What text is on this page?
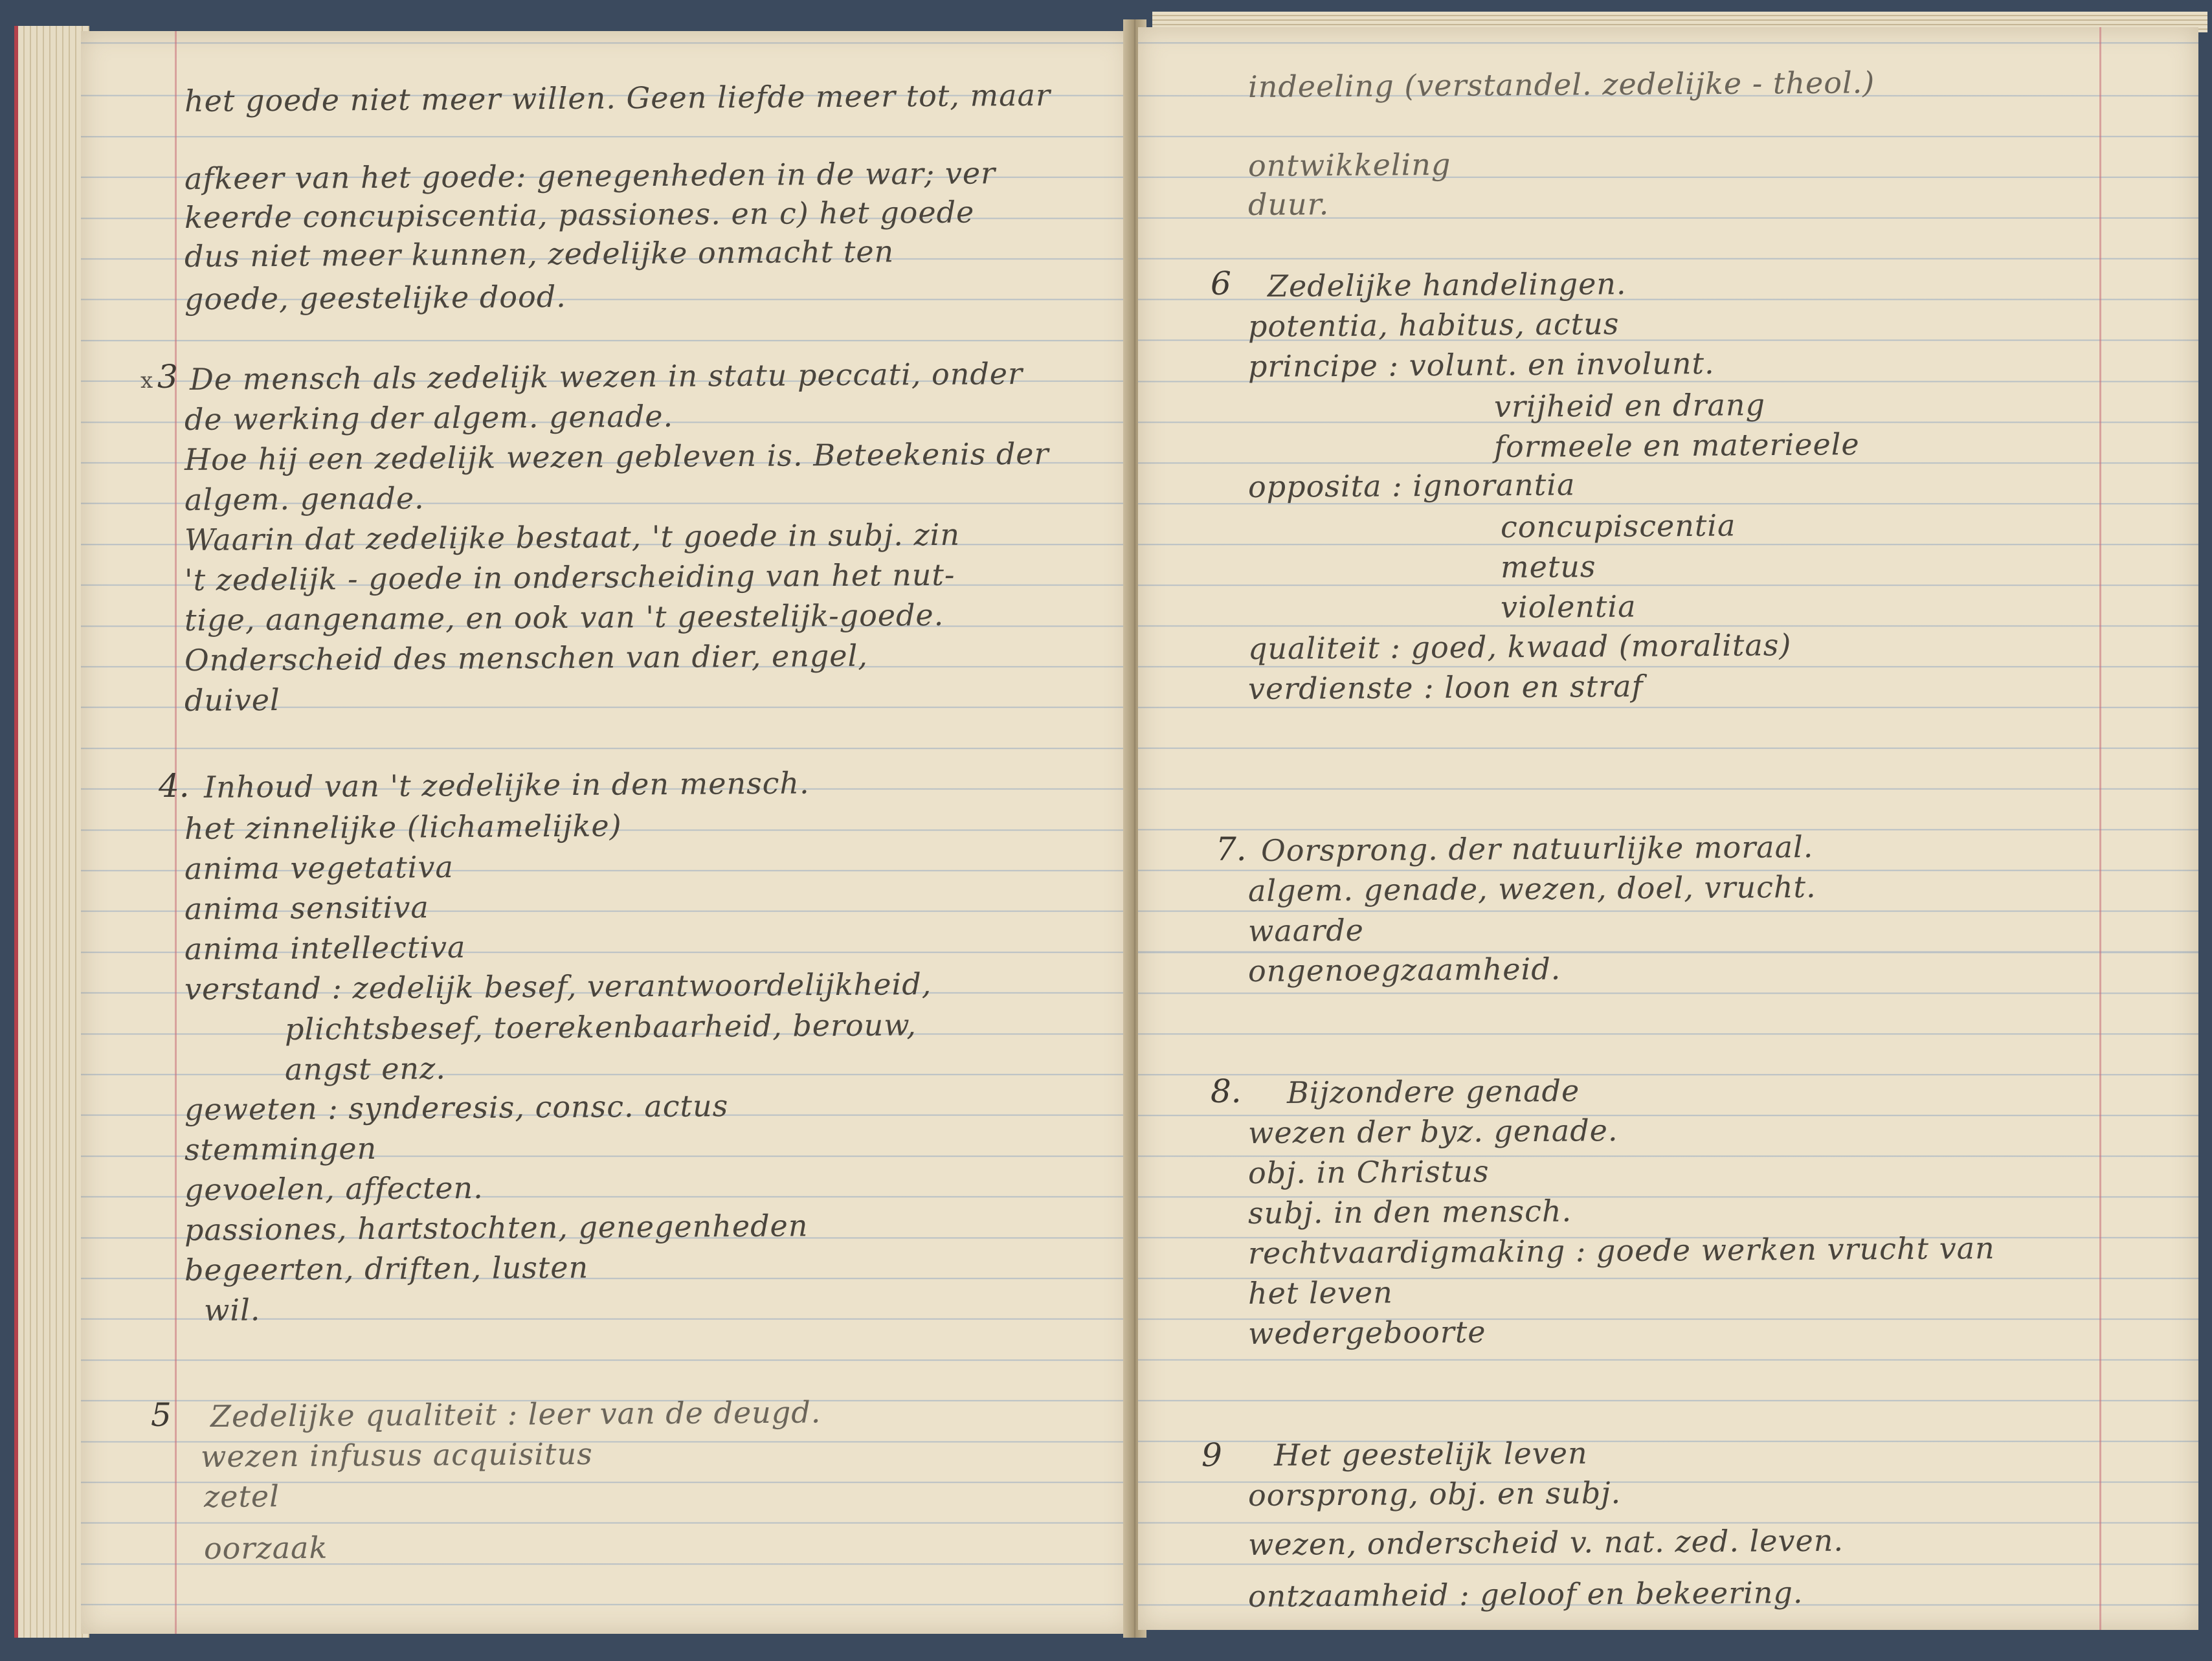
het goede niet meer willen. Geen liefde meer tot, maar
afkeer van het goede: genegenheden in de war; ver
keerde concupiscentia, passiones. en c) het goede
dus niet meer kunnen, zedelijke onmacht ten
goede, geestelijke dood.
x 3 De mensch als zedelijk wezen in statu peccati, onder
de werking der algem. genade.
Hoe hij een zedelijk wezen gebleven is. Beteekenis der
algem. genade.
Waarin dat zedelijke bestaat, 't goede in subj. zin
't zedelijk - goede in onderscheiding van het nut-
tige, aangename, en ook van 't geestelijk-goede.
Onderscheid des menschen van dier, engel,
duivel
4. Inhoud van 't zedelijke in den mensch.
het zinnelijke (lichamelijke)
anima vegetativa
anima sensitiva
anima intellectiva
verstand : zedelijk besef, verantwoordelijkheid,
plichtsbesef, toerekenbaarheid, berouw,
angst enz.
geweten : synderesis, consc. actus
stemmingen
gevoelen, affecten.
passiones, hartstochten, genegenheden
begeerten, driften, lusten
wil.
5 Zedelijke qualiteit : leer van de deugd.
wezen infusus acquisitus
zetel
oorzaak
indeeling (verstandel. zedelijke - theol.)
ontwikkeling
duur.
6 Zedelijke handelingen.
potentia, habitus, actus
principe : volunt. en involunt.
vrijheid en drang
formeele en materieele
opposita : ignorantia
concupiscentia
metus
violentia
qualiteit : goed, kwaad (moralitas)
verdienste : loon en straf
7. Oorsprong. der natuurlijke moraal.
algem. genade, wezen, doel, vrucht.
waarde
ongenoegzaamheid.
8. Bijzondere genade
wezen der byz. genade.
obj. in Christus
subj. in den mensch.
rechtvaardigmaking : goede werken vrucht van
het leven
wedergeboorte
9 Het geestelijk leven
oorsprong, obj. en subj.
wezen, onderscheid v. nat. zed. leven.
ontzaamheid : geloof en bekeering.
